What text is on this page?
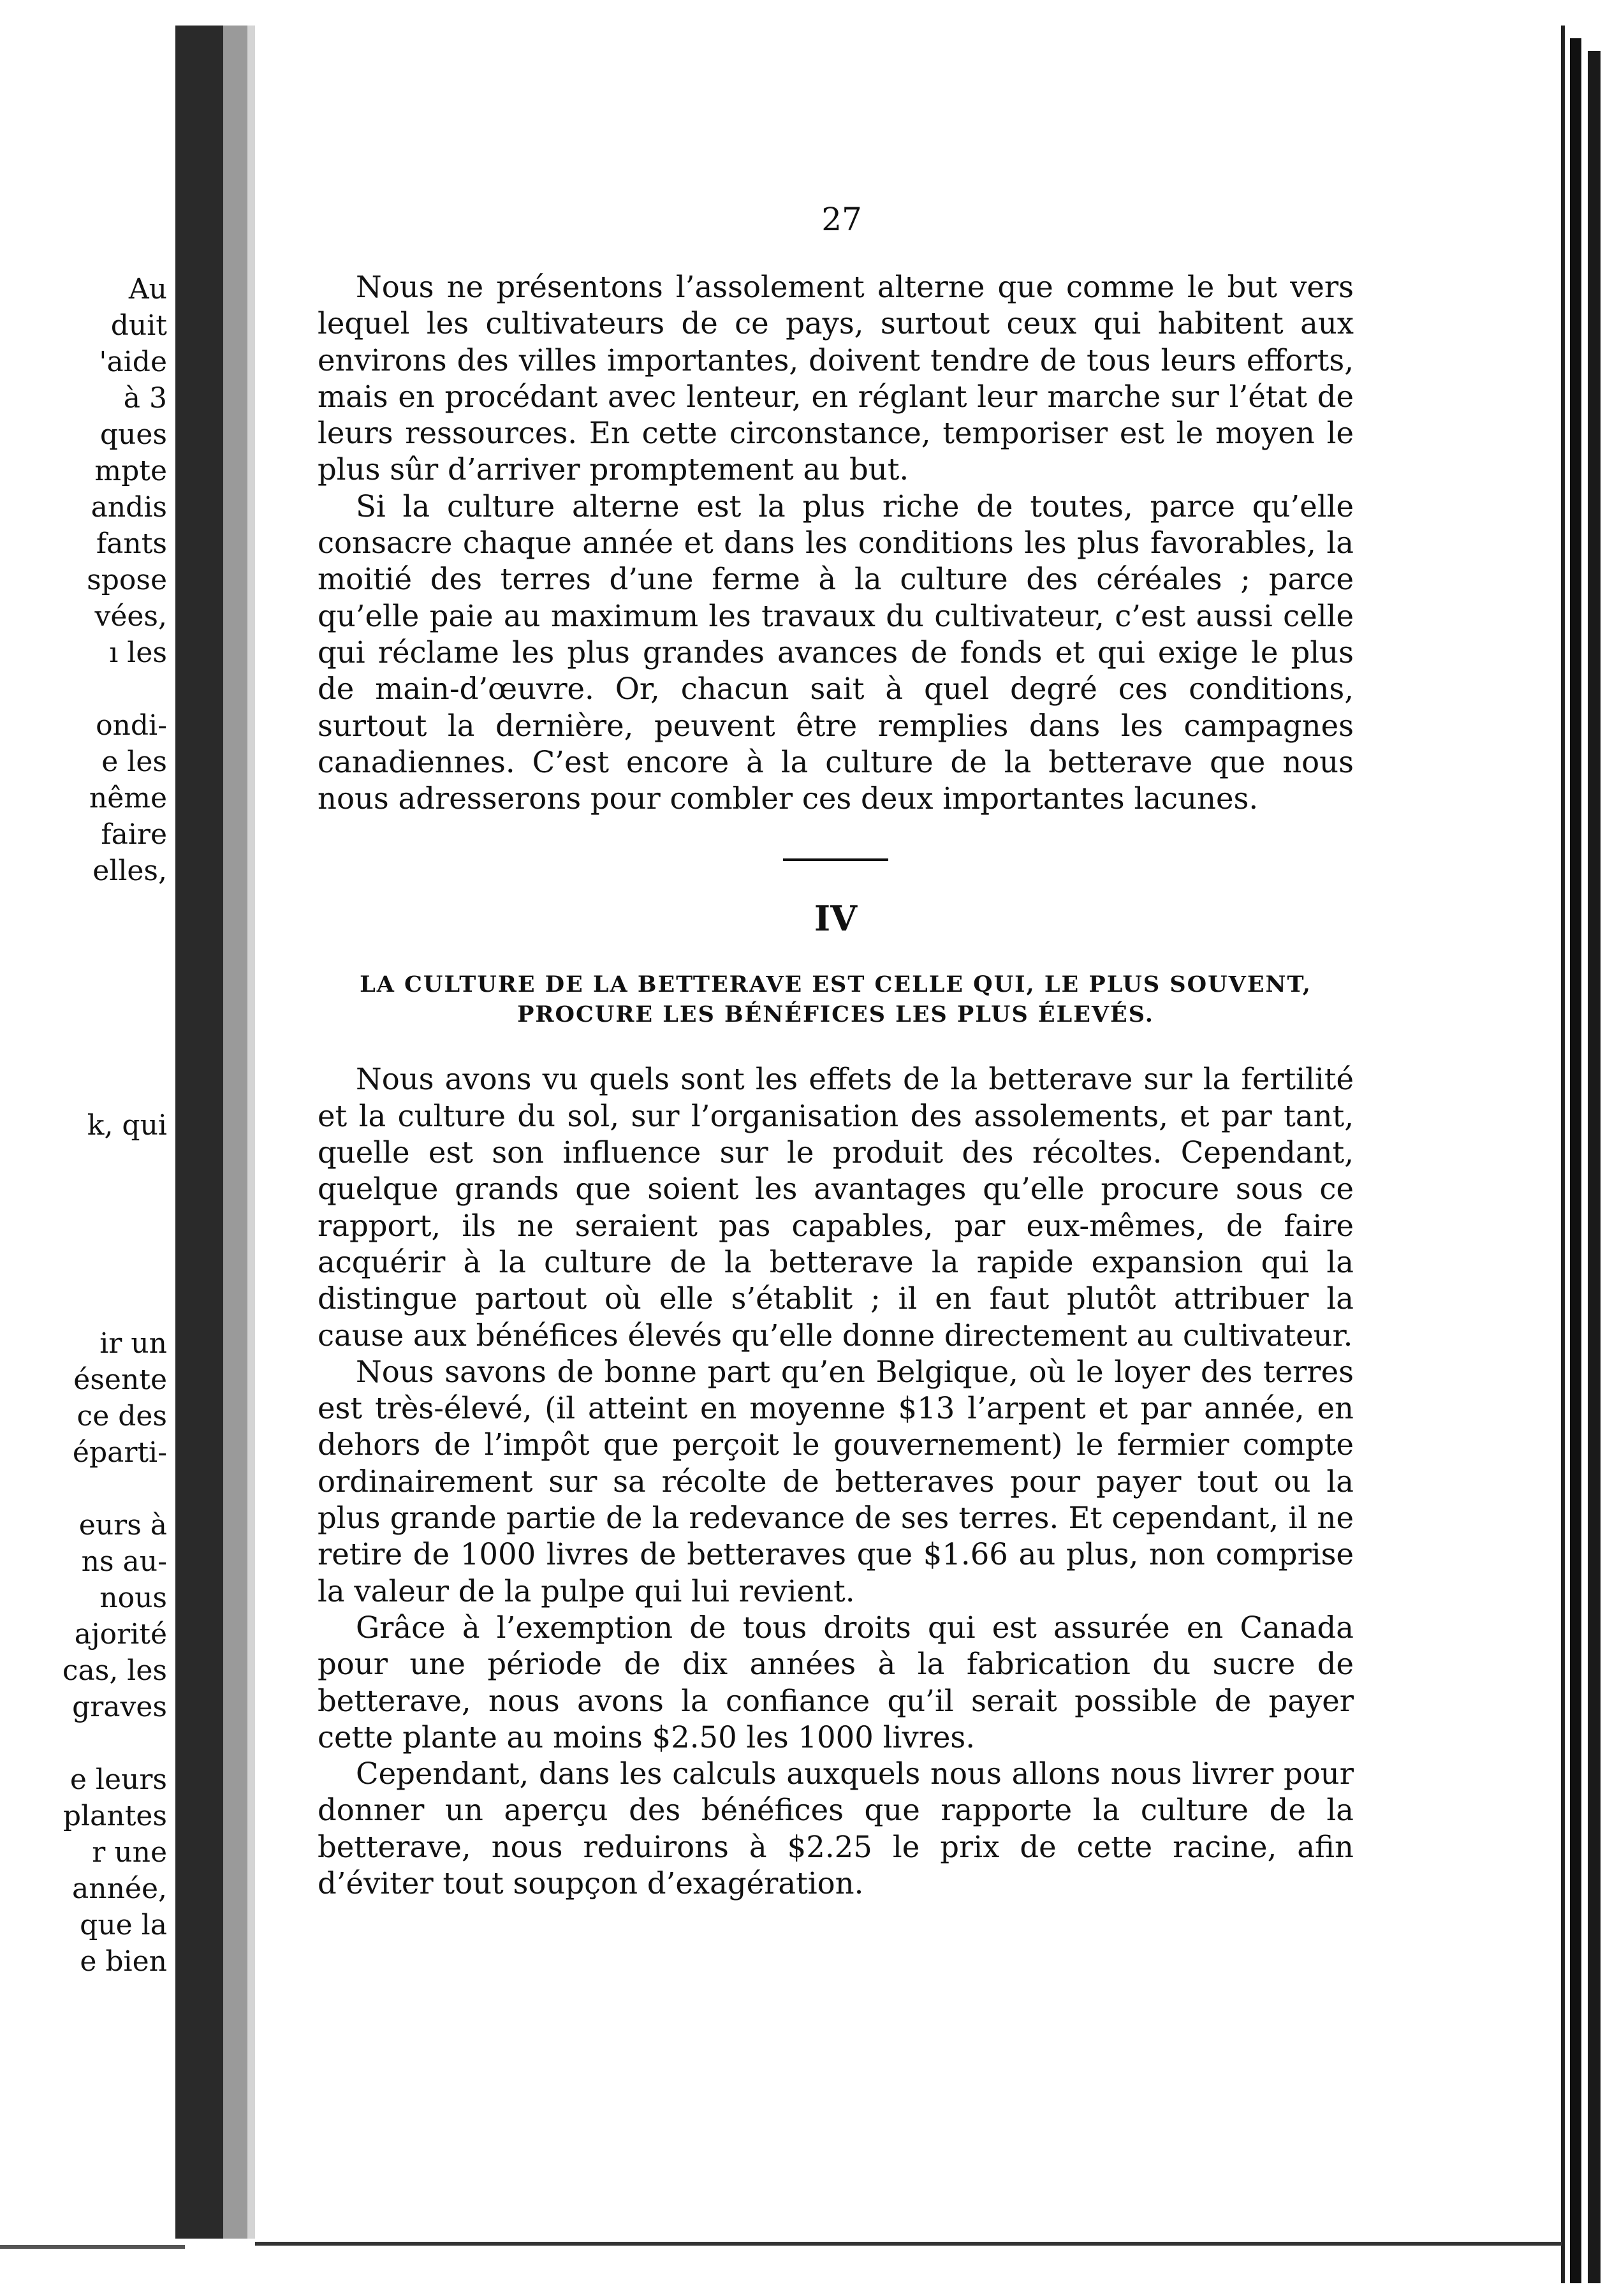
Au
duit
'aide
à 3
ques
mpte
andis
fants
spose
vées,
ı les
ondi-
e les
nême
faire
elles,
k, qui
ir un
ésente
ce des
éparti-
eurs à
ns au-
nous
ajorité
cas, les
graves
e leurs
plantes
r une
année,
que la
e bien
27

Nous ne présentons l’assolement alterne que comme le but vers lequel les cultivateurs de ce pays, surtout ceux qui habitent aux environs des villes importantes, doivent tendre de tous leurs efforts, mais en procédant avec lenteur, en réglant leur marche sur l’état de leurs ressources. En cette circonstance, temporiser est le moyen le plus sûr d’arriver promptement au but.

Si la culture alterne est la plus riche de toutes, parce qu’elle consacre chaque année et dans les conditions les plus favorables, la moitié des terres d’une ferme à la culture des céréales ; parce qu’elle paie au maximum les travaux du cultivateur, c’est aussi celle qui réclame les plus grandes avances de fonds et qui exige le plus de main-d’œuvre. Or, chacun sait à quel degré ces conditions, surtout la dernière, peuvent être remplies dans les campagnes canadiennes. C’est encore à la culture de la betterave que nous nous adresserons pour combler ces deux importantes lacunes.

IV
LA CULTURE DE LA BETTERAVE EST CELLE QUI, LE PLUS SOUVENT,
PROCURE LES BÉNÉFICES LES PLUS ÉLEVÉS.

Nous avons vu quels sont les effets de la betterave sur la fertilité et la culture du sol, sur l’organisation des assolements, et par tant, quelle est son influence sur le produit des récoltes. Cependant, quelque grands que soient les avantages qu’elle procure sous ce rapport, ils ne seraient pas capables, par eux-mêmes, de faire acquérir à la culture de la betterave la rapide expansion qui la distingue partout où elle s’établit ; il en faut plutôt attribuer la cause aux bénéfices élevés qu’elle donne directement au cultivateur.

Nous savons de bonne part qu’en Belgique, où le loyer des terres est très-élevé, (il atteint en moyenne $13 l’arpent et par année, en dehors de l’impôt que perçoit le gouvernement) le fermier compte ordinairement sur sa récolte de betteraves pour payer tout ou la plus grande partie de la redevance de ses terres. Et cependant, il ne retire de 1000 livres de betteraves que $1.66 au plus, non comprise la valeur de la pulpe qui lui revient.

Grâce à l’exemption de tous droits qui est assurée en Canada pour une période de dix années à la fabrication du sucre de betterave, nous avons la confiance qu’il serait possible de payer cette plante au moins $2.50 les 1000 livres.

Cependant, dans les calculs auxquels nous allons nous livrer pour donner un aperçu des bénéfices que rapporte la culture de la betterave, nous reduirons à $2.25 le prix de cette racine, afin d’éviter tout soupçon d’exagération.
